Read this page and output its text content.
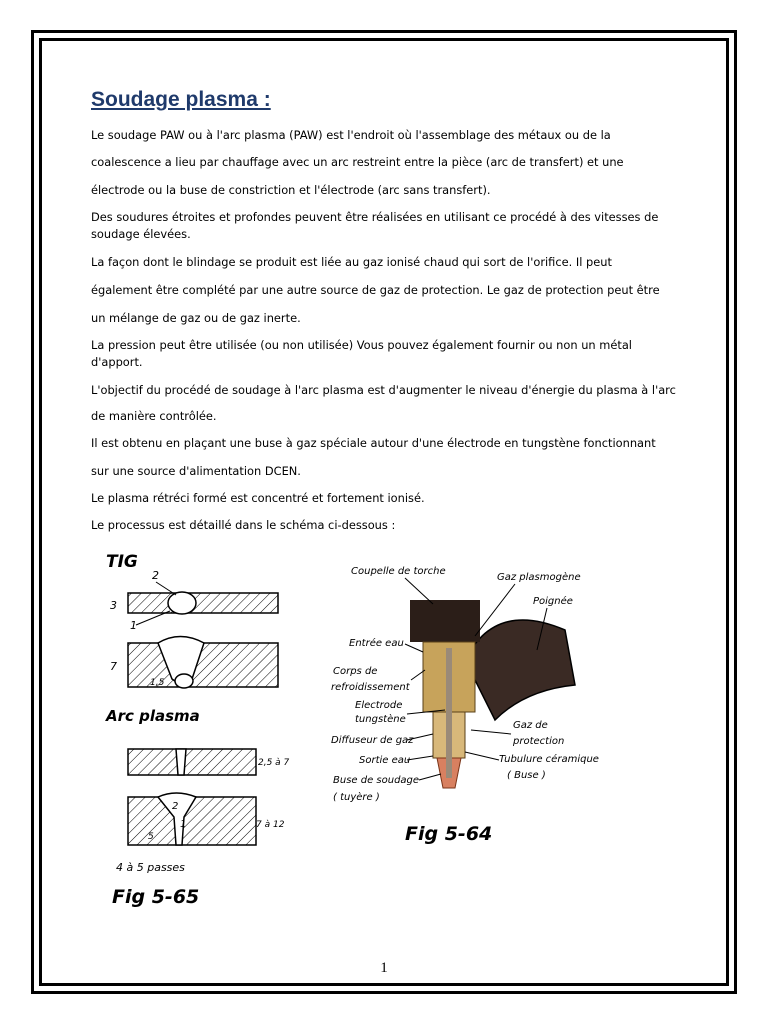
Soudage plasma :
Le soudage PAW ou à l'arc plasma (PAW) est l'endroit où l'assemblage des métaux ou de la
coalescence a lieu par chauffage avec un arc restreint entre la pièce (arc de transfert) et une
électrode ou la buse de constriction et l'électrode (arc sans transfert).
Des soudures étroites et profondes peuvent être réalisées en utilisant ce procédé à des vitesses de
soudage élevées.
La façon dont le blindage se produit est liée au gaz ionisé chaud qui sort de l'orifice. Il peut
également être complété par une autre source de gaz de protection. Le gaz de protection peut être
un mélange de gaz ou de gaz inerte.
La pression peut être utilisée (ou non utilisée) Vous pouvez également fournir ou non un métal
d'apport.
L'objectif du procédé de soudage à l'arc plasma est d'augmenter le niveau d'énergie du plasma à l'arc
de manière contrôlée.
Il est obtenu en plaçant une buse à gaz spéciale autour d'une électrode en tungstène fonctionnant
sur une source d'alimentation DCEN.
Le plasma rétréci formé est concentré et fortement ionisé.
Le processus est détaillé dans le schéma ci-dessous :
TIG
2
3
1
7
1,5
Arc plasma
2,5 à 7
2
1	7 à 12
5
4 à 5 passes
Fig 5-65
Coupelle de torche
Gaz plasmogène
Poignée
Entrée eau
Corps de
refroidissement
Electrode
tungstène
Diffuseur de gaz
Gaz de
protection
Sortie eau	Tubulure céramique
( Buse )
Buse de soudage
( tuyère )
Fig 5-64
1
